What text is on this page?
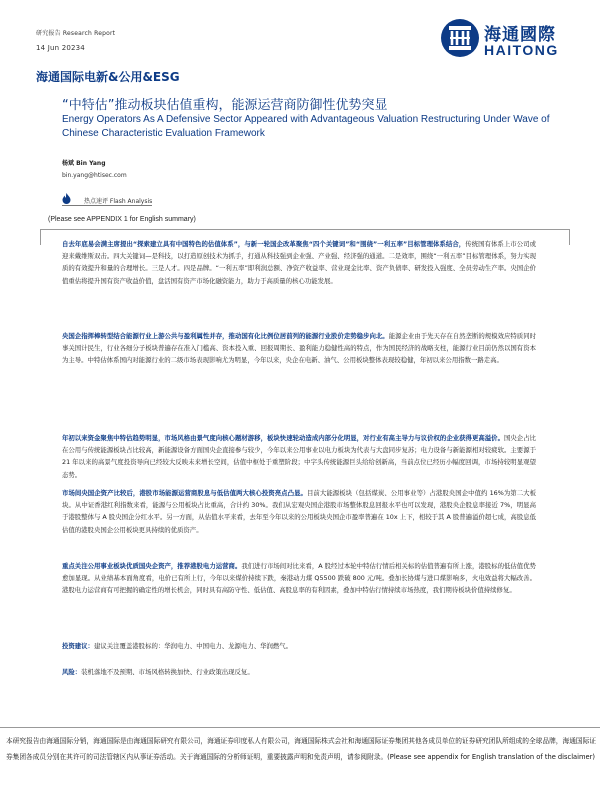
研究报告 Research Report
14 Jun 20234
海通國際
HAITONG
海通国际电新&公用&ESG
“中特估”推动板块估值重构，能源运营商防御性优势突显
Energy Operators As A Defensive Sector Appeared with Advantageous Valuation Restructuring Under Wave of Chinese Characteristic Evaluation Framework
杨斌 Bin Yang
bin.yang@htisec.com
热点速评 Flash Analysis
(Please see APPENDIX 1 for English summary)
自去年底易会满主席提出“探索建立具有中国特色的估值体系”，与新一轮国企改革聚焦“四个关键词”和“围绕”一利五率”目标管理体系结合，传统国有体系上市公司或迎来戴维斯双击。四大关键词—是科技，以打造原创技术为抓手，打通从科技强到企业强、产业强、经济强的通道。二是效率，围绕“一利五率”目标管理体系，努力实现质的有效提升和量的合理增长。三是人才。四是品牌。“一利五率”即利润总额、净资产收益率、营业现金比率、资产负债率、研发投入强度、全员劳动生产率。央国企价值重估将提升国有资产收益价值，盘活国有资产市场化融资能力，助力于高质量的核心功能发展。
央国企指挥棒转型结合能源行业上游公共与盈利属性并存，推动国有化比例位居前列的能源行业股价走势稳步向北。能源企业由于先天存在自然垄断的规模效应特质同时事关国计民生，行业各细分子板块普遍存在准入门槛高、资本投入重、回报周期长、盈利能力稳健性高的特点，作为国民经济的战略支柱，能源行业目前仍然以国有资本为主导。中特估体系国内对能源行业的二级市场表现影响尤为明显，今年以来，央企在电新、油气、公用板块整体表现较稳健，年初以来公用指数一路走高。
年初以来资金聚焦中特估趋势明显，市场风格由景气度向核心题材游移，板块快速轮动造成内部分化明显，对行业有高主导力与议价权的企业获得更高溢价。国央企占比在公用与传统能源板块占比较高，新能源设备方面国央企直接参与较少，今年以来公用事业以电力板块为代表与大盘同步复苏；电力设备与新能源相对较疲软。主要源于 21 年以来的高景气度投资导向已经较大反映未来增长空间，估值中枢处于重塑阶段；中字头传统能源巨头给给创新高，当前点位已经历小幅度回调，市场持较明显观望态势。
市场间央国企资产比较后，港股市场能源运营商股息与低估值两大核心投资亮点凸显。目前大能源板块（包括煤炭、公用事业等）占港股央国企中值约 16%为第二大板块。从中证香港红利指数来看，能源与公用板块占比重高，合计约 30%。我们从宏观央国企港股市场整体股息回报水平也可以发现，港股央企股息率接近 7%，明显高于港股整体与 A 股央国企分红水平。另一方面，从估值水平来看，去年至今年以来的公用板块央国企市盈率普遍在 10x 上下，相较于其 A 股普遍溢价超七成，高股息低估值的港股央国企公用板块更具持续的优质资产。
重点关注公用事业板块优质国央企资产，推荐港股电力运营商。我们进行市场间对比来看，A 股经过本轮中特估行情后相关标的估值普遍有所上涨，港股标的低估值优势愈加显现。从业绩基本面角度看，电价已有所上行，今年以来煤价持续下跌，秦港动力煤 Q5500 跌破 800 元/吨。叠加长协煤与进口煤影响多，火电效益将大幅改善。港股电力运营商有可把握的确定性的增长机会，同时具有高防守性、低估值、高股息率的有利因素，叠加中特估行情持续市场热度，我们期待板块价值持续修复。
投资建议：建议关注覆盖港股标的：华润电力、中国电力、龙源电力、华润燃气。
风险：装机落地不及预期、市场风格转换加快、行业政策出现反复。
本研究报告由海通国际分销，海通国际是由海通国际研究有限公司，海通证券印度私人有限公司，海通国际株式会社和海通国际证券集团其他各成员单位的证券研究团队所组成的全球品牌，海通国际证券集团各成员分别在其许可的司法管辖区内从事证券活动。关于海通国际的分析师证明，重要披露声明和免责声明，请参阅附录。(Please see appendix for English translation of the disclaimer)
